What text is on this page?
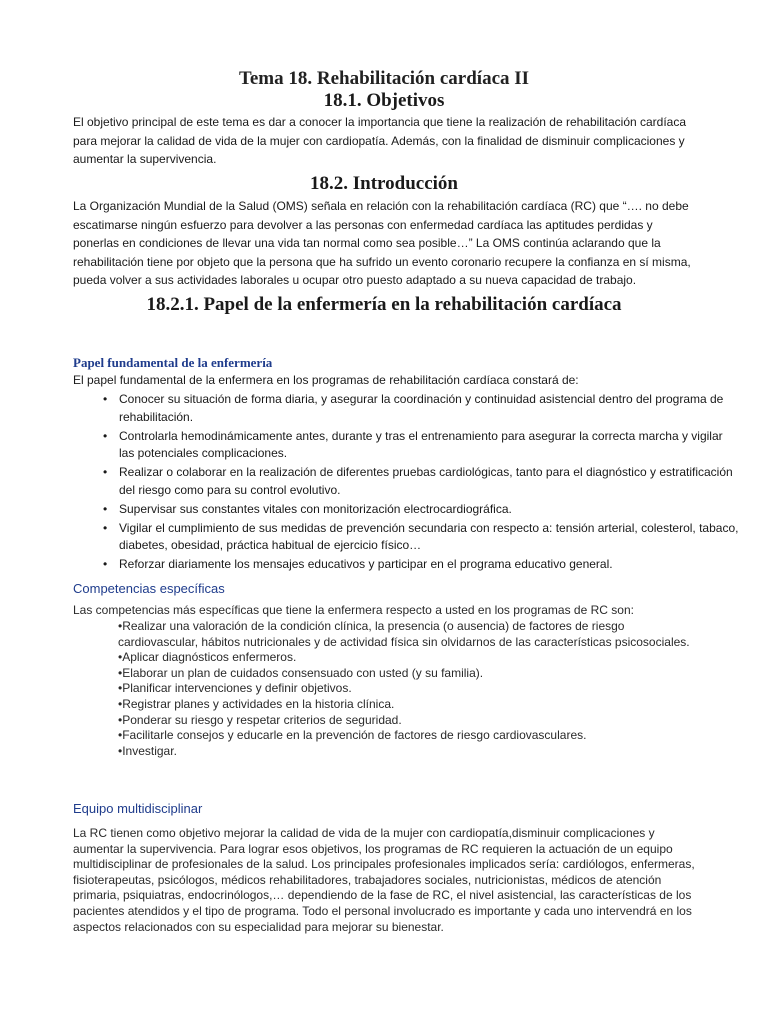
Tema 18. Rehabilitación cardíaca II
18.1. Objetivos

El objetivo principal de este tema es dar a conocer la importancia que tiene la realización de rehabilitación cardíaca para mejorar la calidad de vida de la mujer con cardiopatía. Además, con la finalidad de disminuir complicaciones y aumentar la supervivencia.

18.2. Introducción

La Organización Mundial de la Salud (OMS) señala en relación con la rehabilitación cardíaca (RC) que “…. no debe escatimarse ningún esfuerzo para devolver a las personas con enfermedad cardíaca las aptitudes perdidas y ponerlas en condiciones de llevar una vida tan normal como sea posible…” La OMS continúa aclarando que la rehabilitación tiene por objeto que la persona que ha sufrido un evento coronario recupere la confianza en sí misma, pueda volver a sus actividades laborales u ocupar otro puesto adaptado a su nueva capacidad de trabajo.

18.2.1. Papel de la enfermería en la rehabilitación cardíaca
Papel fundamental de la enfermería

El papel fundamental de la enfermera en los programas de rehabilitación cardíaca constará de:

• Conocer su situación de forma diaria, y asegurar la coordinación y continuidad asistencial dentro del programa de rehabilitación.
• Controlarla hemodinámicamente antes, durante y tras el entrenamiento para asegurar la correcta marcha y vigilar las potenciales complicaciones.
• Realizar o colaborar en la realización de diferentes pruebas cardiológicas, tanto para el diagnóstico y estratificación del riesgo como para su control evolutivo.
• Supervisar sus constantes vitales con monitorización electrocardiográfica.
• Vigilar el cumplimiento de sus medidas de prevención secundaria con respecto a: tensión arterial, colesterol, tabaco, diabetes, obesidad, práctica habitual de ejercicio físico…
• Reforzar diariamente los mensajes educativos y participar en el programa educativo general.
Competencias específicas

Las competencias más específicas que tiene la enfermera respecto a usted en los programas de RC son:

•Realizar una valoración de la condición clínica, la presencia (o ausencia) de factores de riesgo cardiovascular, hábitos nutricionales y de actividad física sin olvidarnos de las características psicosociales.
•Aplicar diagnósticos enfermeros.
•Elaborar un plan de cuidados consensuado con usted (y su familia).
•Planificar intervenciones y definir objetivos.
•Registrar planes y actividades en la historia clínica.
•Ponderar su riesgo y respetar criterios de seguridad.
•Facilitarle consejos y educarle en la prevención de factores de riesgo cardiovasculares.
•Investigar.
Equipo multidisciplinar

La RC tienen como objetivo mejorar la calidad de vida de la mujer con cardiopatía,disminuir complicaciones y aumentar la supervivencia. Para lograr esos objetivos, los programas de RC requieren la actuación de un equipo multidisciplinar de profesionales de la salud. Los principales profesionales implicados sería: cardiólogos, enfermeras, fisioterapeutas, psicólogos, médicos rehabilitadores, trabajadores sociales, nutricionistas, médicos de atención primaria, psiquiatras, endocrinólogos,… dependiendo de la fase de RC, el nivel asistencial, las características de los pacientes atendidos y el tipo de programa. Todo el personal involucrado es importante y cada uno intervendrá en los aspectos relacionados con su especialidad para mejorar su bienestar.
